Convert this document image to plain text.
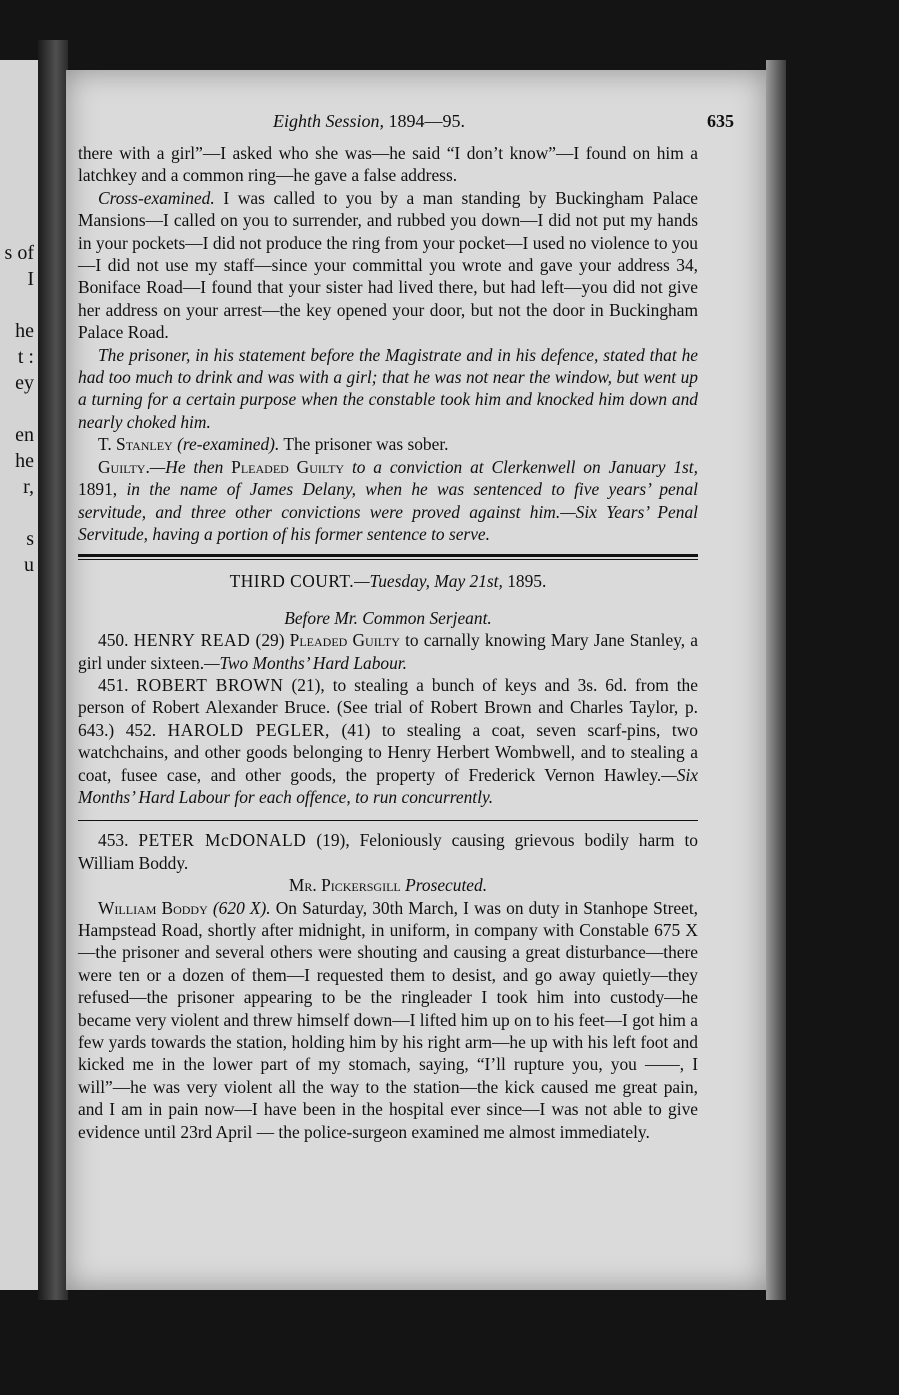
s of
I
he
t :
ey
en
he
r,
s
u
Eighth Session, 1894—95.	635

there with a girl”—I asked who she was—he said “I don’t know”—I found on him a latchkey and a common ring—he gave a false address.

Cross-examined. I was called to you by a man standing by Buckingham Palace Mansions—I called on you to surrender, and rubbed you down—I did not put my hands in your pockets—I did not produce the ring from your pocket—I used no violence to you—I did not use my staff—since your committal you wrote and gave your address 34, Boniface Road—I found that your sister had lived there, but had left—you did not give her address on your arrest—the key opened your door, but not the door in Buckingham Palace Road.

The prisoner, in his statement before the Magistrate and in his defence, stated that he had too much to drink and was with a girl; that he was not near the window, but went up a turning for a certain purpose when the constable took him and knocked him down and nearly choked him.

T. Stanley (re-examined). The prisoner was sober.

Guilty.—He then Pleaded Guilty to a conviction at Clerkenwell on January 1st, 1891, in the name of James Delany, when he was sentenced to five years’ penal servitude, and three other convictions were proved against him.—Six Years’ Penal Servitude, having a portion of his former sentence to serve.

THIRD COURT.—Tuesday, May 21st, 1895.
Before Mr. Common Serjeant.

450. HENRY READ (29) Pleaded Guilty to carnally knowing Mary Jane Stanley, a girl under sixteen.—Two Months’ Hard Labour.

451. ROBERT BROWN (21), to stealing a bunch of keys and 3s. 6d. from the person of Robert Alexander Bruce. (See trial of Robert Brown and Charles Taylor, p. 643.) 452. HAROLD PEGLER, (41) to stealing a coat, seven scarf-pins, two watchchains, and other goods belonging to Henry Herbert Wombwell, and to stealing a coat, fusee case, and other goods, the property of Frederick Vernon Hawley.—Six Months’ Hard Labour for each offence, to run concurrently.

453. PETER McDONALD (19), Feloniously causing grievous bodily harm to William Boddy.

Mr. Pickersgill Prosecuted.

William Boddy (620 X). On Saturday, 30th March, I was on duty in Stanhope Street, Hampstead Road, shortly after midnight, in uniform, in company with Constable 675 X—the prisoner and several others were shouting and causing a great disturbance—there were ten or a dozen of them—I requested them to desist, and go away quietly—they refused—the prisoner appearing to be the ringleader I took him into custody—he became very violent and threw himself down—I lifted him up on to his feet—I got him a few yards towards the station, holding him by his right arm—he up with his left foot and kicked me in the lower part of my stomach, saying, “I’ll rupture you, you ——, I will”—he was very violent all the way to the station—the kick caused me great pain, and I am in pain now—I have been in the hospital ever since—I was not able to give evidence until 23rd April — the police-surgeon examined me almost immediately.
